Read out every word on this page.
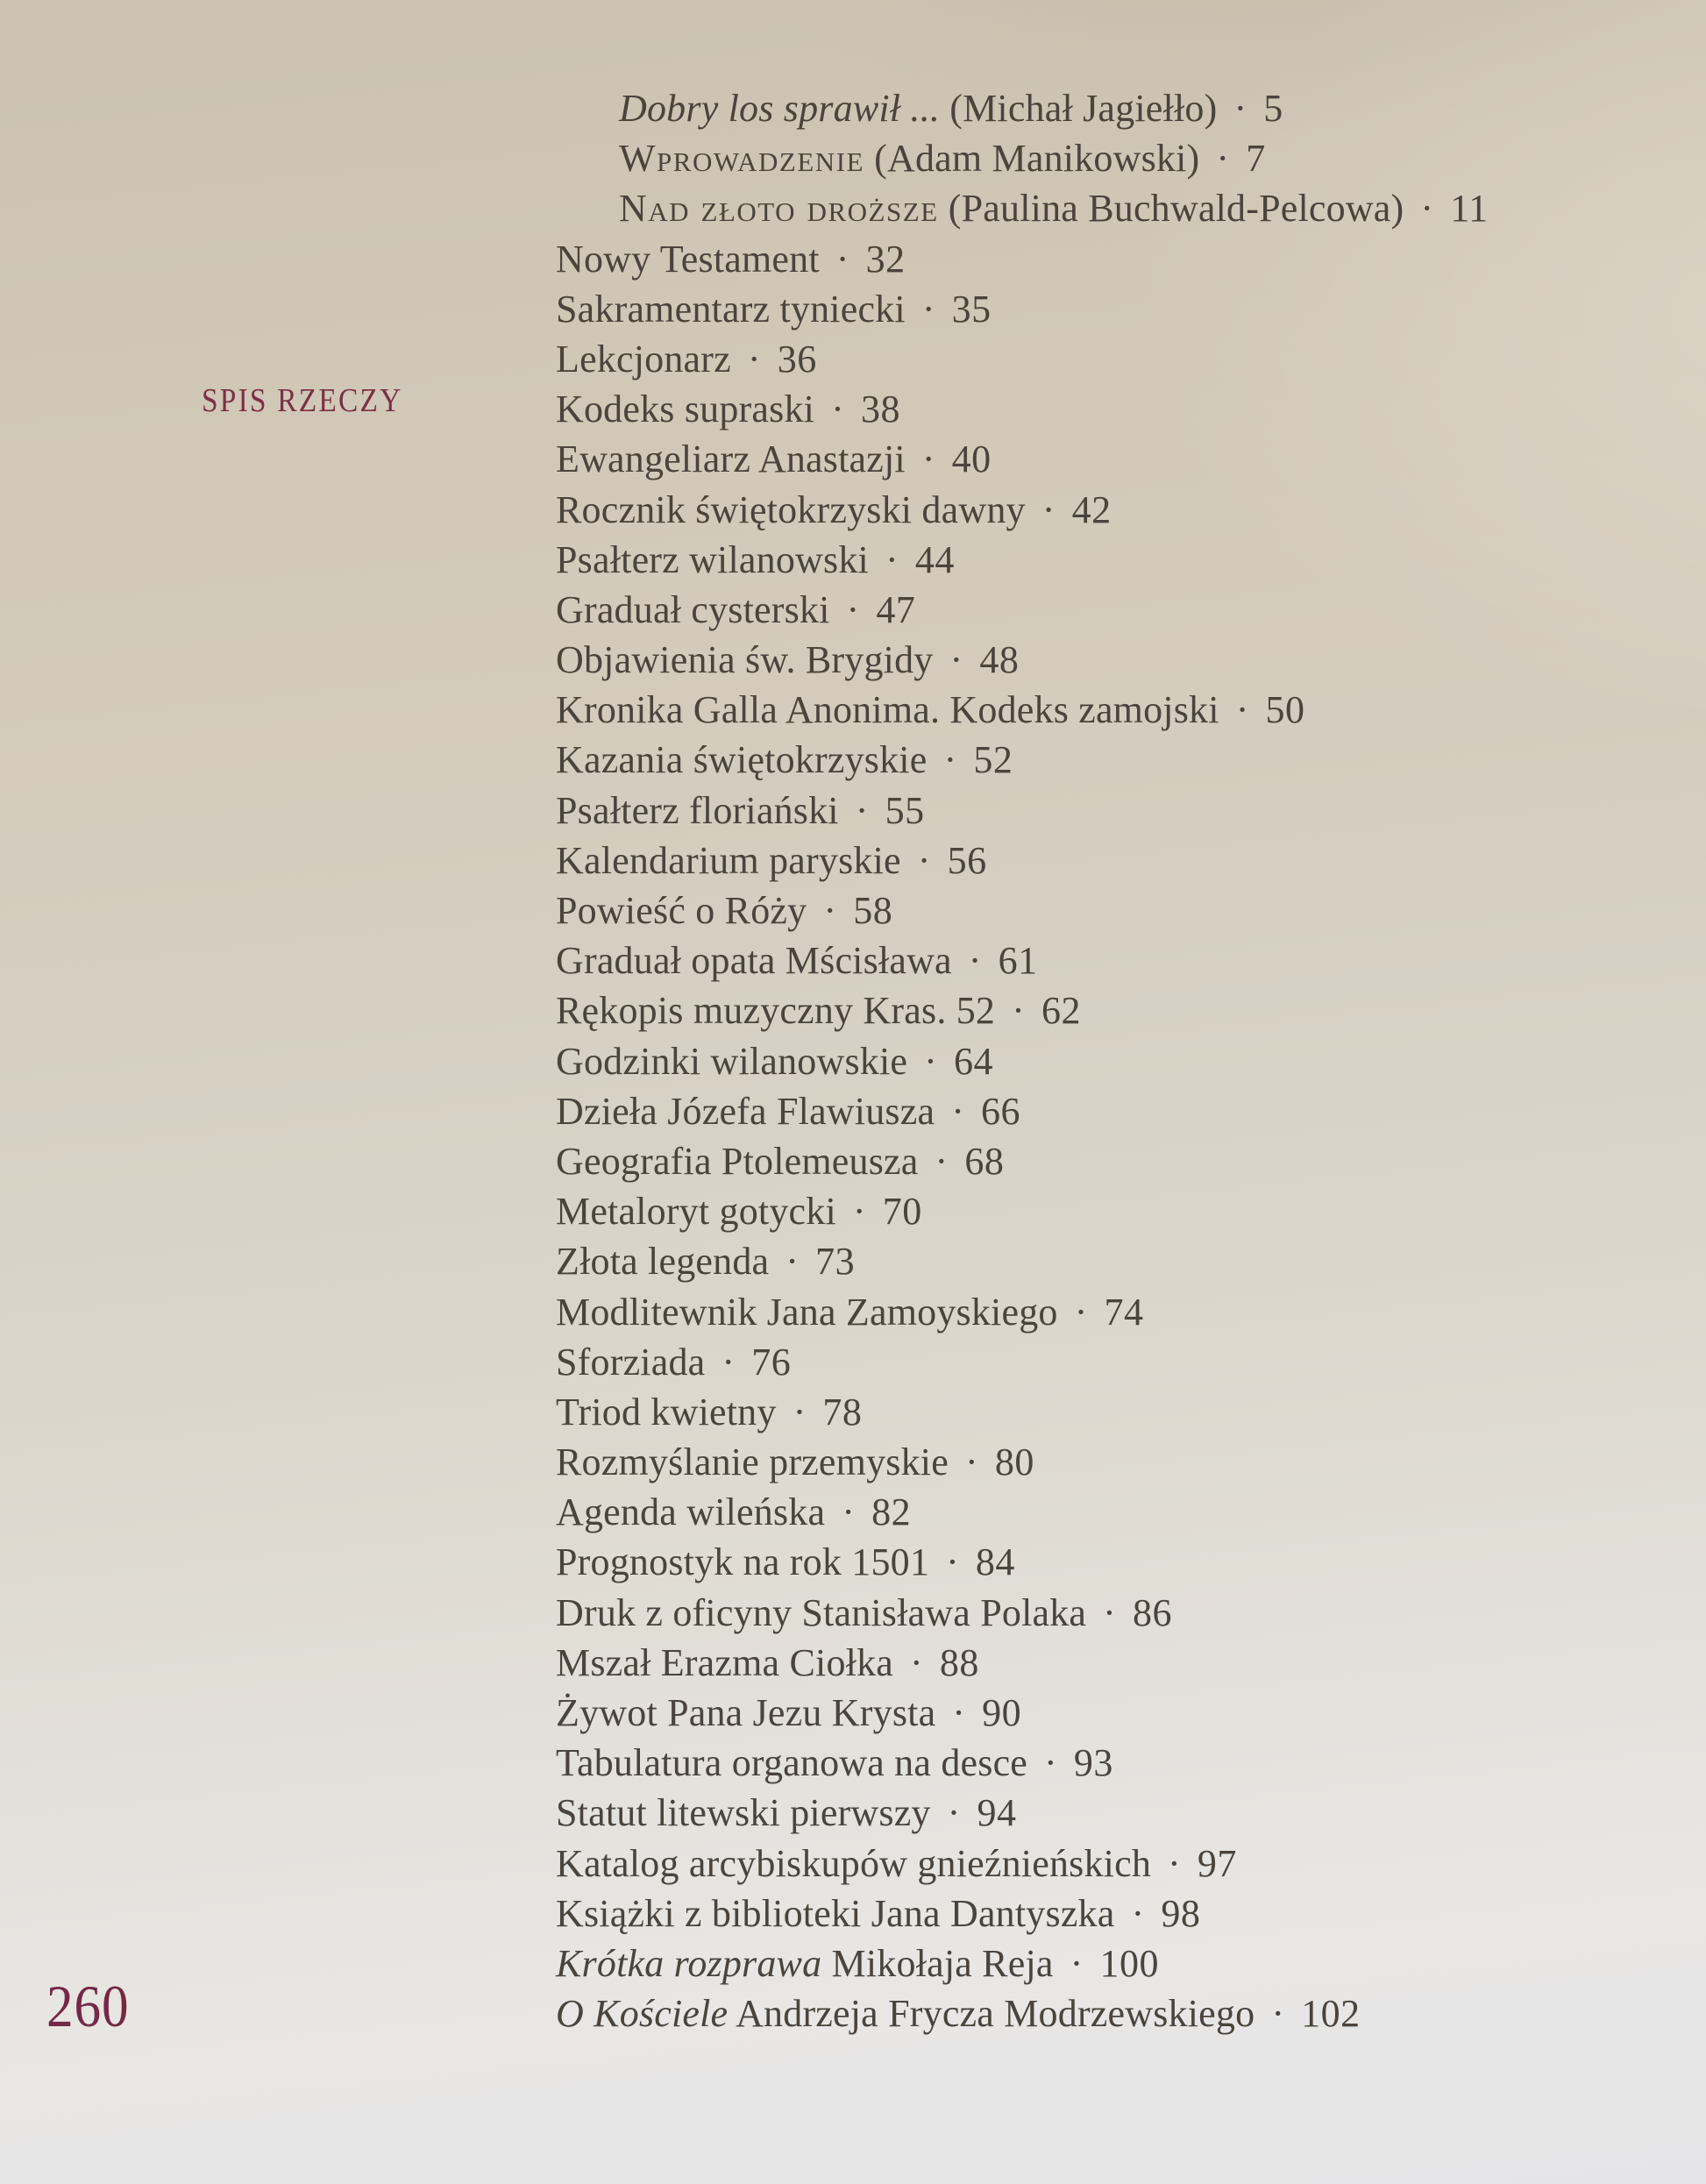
SPIS RZECZY
Dobry los sprawił ... (Michał Jagiełło) · 5
Wprowadzenie (Adam Manikowski) · 7
Nad złoto droższe (Paulina Buchwald-Pelcowa) · 11
Nowy Testament · 32
Sakramentarz tyniecki · 35
Lekcjonarz · 36
Kodeks supraski · 38
Ewangeliarz Anastazji · 40
Rocznik świętokrzyski dawny · 42
Psałterz wilanowski · 44
Graduał cysterski · 47
Objawienia św. Brygidy · 48
Kronika Galla Anonima. Kodeks zamojski · 50
Kazania świętokrzyskie · 52
Psałterz floriański · 55
Kalendarium paryskie · 56
Powieść o Róży · 58
Graduał opata Mścisława · 61
Rękopis muzyczny Kras. 52 · 62
Godzinki wilanowskie · 64
Dzieła Józefa Flawiusza · 66
Geografia Ptolemeusza · 68
Metaloryt gotycki · 70
Złota legenda · 73
Modlitewnik Jana Zamoyskiego · 74
Sforziada · 76
Triod kwietny · 78
Rozmyślanie przemyskie · 80
Agenda wileńska · 82
Prognostyk na rok 1501 · 84
Druk z oficyny Stanisława Polaka · 86
Mszał Erazma Ciołka · 88
Żywot Pana Jezu Krysta · 90
Tabulatura organowa na desce · 93
Statut litewski pierwszy · 94
Katalog arcybiskupów gnieźnieńskich · 97
Książki z biblioteki Jana Dantyszka · 98
Krótka rozprawa Mikołaja Reja · 100
O Kościele Andrzeja Frycza Modrzewskiego · 102
260
